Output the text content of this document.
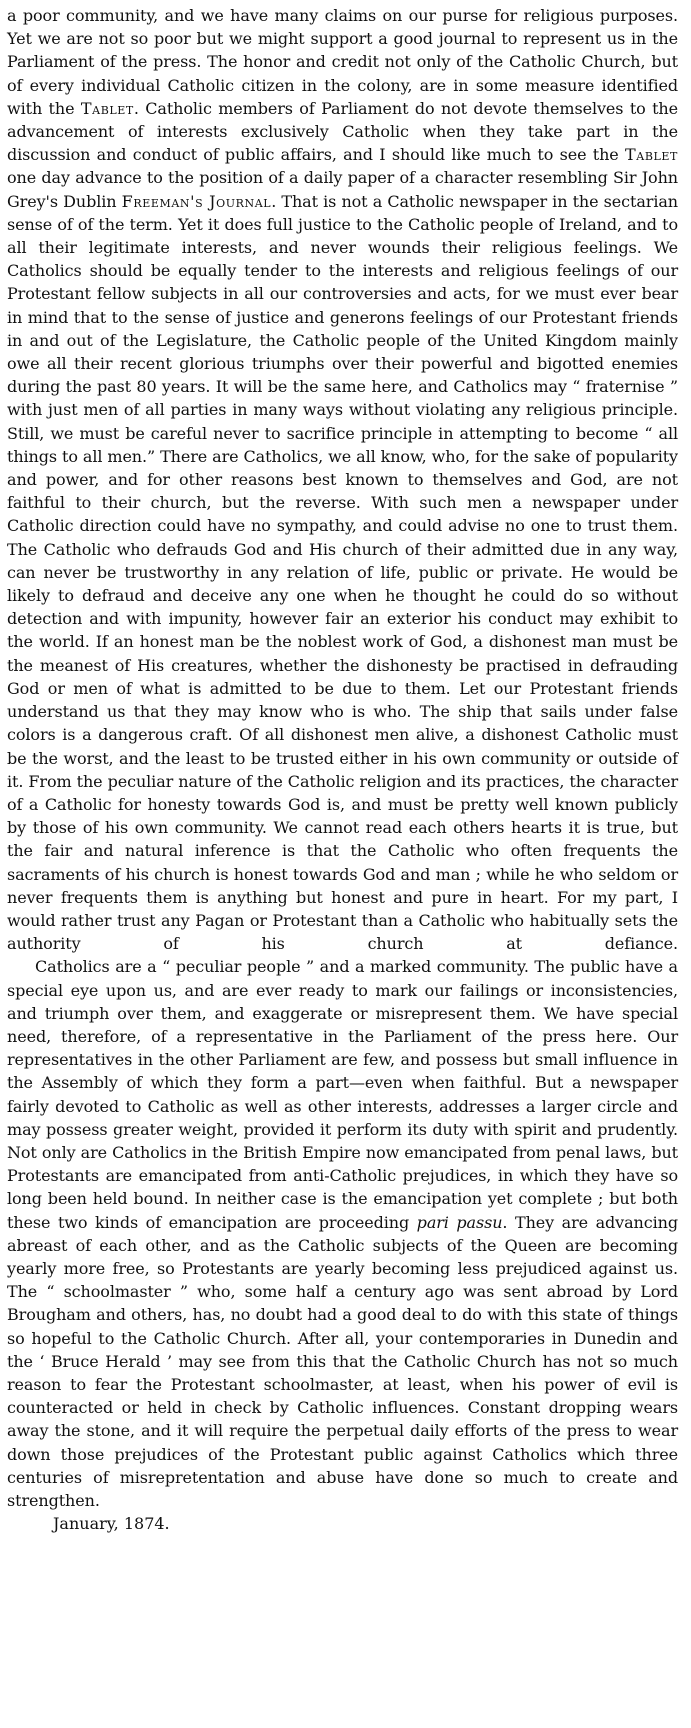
a poor community, and we have many claims on our purse for religious purposes. Yet we are not so poor but we might support a good journal to represent us in the Parliament of the press. The honor and credit not only of the Catholic Church, but of every individual Catholic citizen in the colony, are in some measure identified with the Tablet. Catholic members of Parliament do not devote themselves to the advancement of interests exclusively Catholic when they take part in the discussion and conduct of public affairs, and I should like much to see the Tablet one day advance to the position of a daily paper of a character resembling Sir John Grey's Dublin Freeman's Journal. That is not a Catholic newspaper in the sectarian sense of of the term. Yet it does full justice to the Catholic people of Ireland, and to all their legitimate interests, and never wounds their religious feelings. We Catholics should be equally tender to the interests and religious feelings of our Protestant fellow subjects in all our controversies and acts, for we must ever bear in mind that to the sense of justice and generons feelings of our Protestant friends in and out of the Legislature, the Catholic people of the United Kingdom mainly owe all their recent glorious triumphs over their powerful and bigotted enemies during the past 80 years. It will be the same here, and Catholics may “ fraternise ” with just men of all parties in many ways without violating any religious principle. Still, we must be careful never to sacrifice principle in attempting to become “ all things to all men.” There are Catholics, we all know, who, for the sake of popularity and power, and for other reasons best known to themselves and God, are not faithful to their church, but the reverse. With such men a newspaper under Catholic direction could have no sympathy, and could advise no one to trust them. The Catholic who defrauds God and His church of their admitted due in any way, can never be trustworthy in any relation of life, public or private. He would be likely to defraud and deceive any one when he thought he could do so without detection and with impunity, however fair an exterior his conduct may exhibit to the world. If an honest man be the noblest work of God, a dishonest man must be the meanest of His creatures, whether the dishonesty be practised in defrauding God or men of what is admitted to be due to them. Let our Protestant friends understand us that they may know who is who. The ship that sails under false colors is a dangerous craft. Of all dishonest men alive, a dishonest Catholic must be the worst, and the least to be trusted either in his own community or outside of it. From the peculiar nature of the Catholic religion and its practices, the character of a Catholic for honesty towards God is, and must be pretty well known publicly by those of his own community. We cannot read each others hearts it is true, but the fair and natural inference is that the Catholic who often frequents the sacraments of his church is honest towards God and man ; while he who seldom or never frequents them is anything but honest and pure in heart. For my part, I would rather trust any Pagan or Protestant than a Catholic who habitually sets the authority of his church at defiance.

Catholics are a “ peculiar people ” and a marked community. The public have a special eye upon us, and are ever ready to mark our failings or inconsistencies, and triumph over them, and exaggerate or misrepresent them. We have special need, therefore, of a representative in the Parliament of the press here. Our representatives in the other Parliament are few, and possess but small influence in the Assembly of which they form a part—even when faithful. But a newspaper fairly devoted to Catholic as well as other interests, addresses a larger circle and may possess greater weight, provided it perform its duty with spirit and prudently. Not only are Catholics in the British Empire now emancipated from penal laws, but Protestants are emancipated from anti-Catholic prejudices, in which they have so long been held bound. In neither case is the emancipation yet complete ; but both these two kinds of emancipation are proceeding pari passu. They are advancing abreast of each other, and as the Catholic subjects of the Queen are becoming yearly more free, so Protestants are yearly becoming less prejudiced against us. The “ schoolmaster ” who, some half a century ago was sent abroad by Lord Brougham and others, has, no doubt had a good deal to do with this state of things so hopeful to the Catholic Church. After all, your contemporaries in Dunedin and the ‘ Bruce Herald ’ may see from this that the Catholic Church has not so much reason to fear the Protestant schoolmaster, at least, when his power of evil is counteracted or held in check by Catholic influences. Constant dropping wears away the stone, and it will require the perpetual daily efforts of the press to wear down those prejudices of the Protestant public against Catholics which three centuries of misrepretentation and abuse have done so much to create and strengthen.

January, 1874.
